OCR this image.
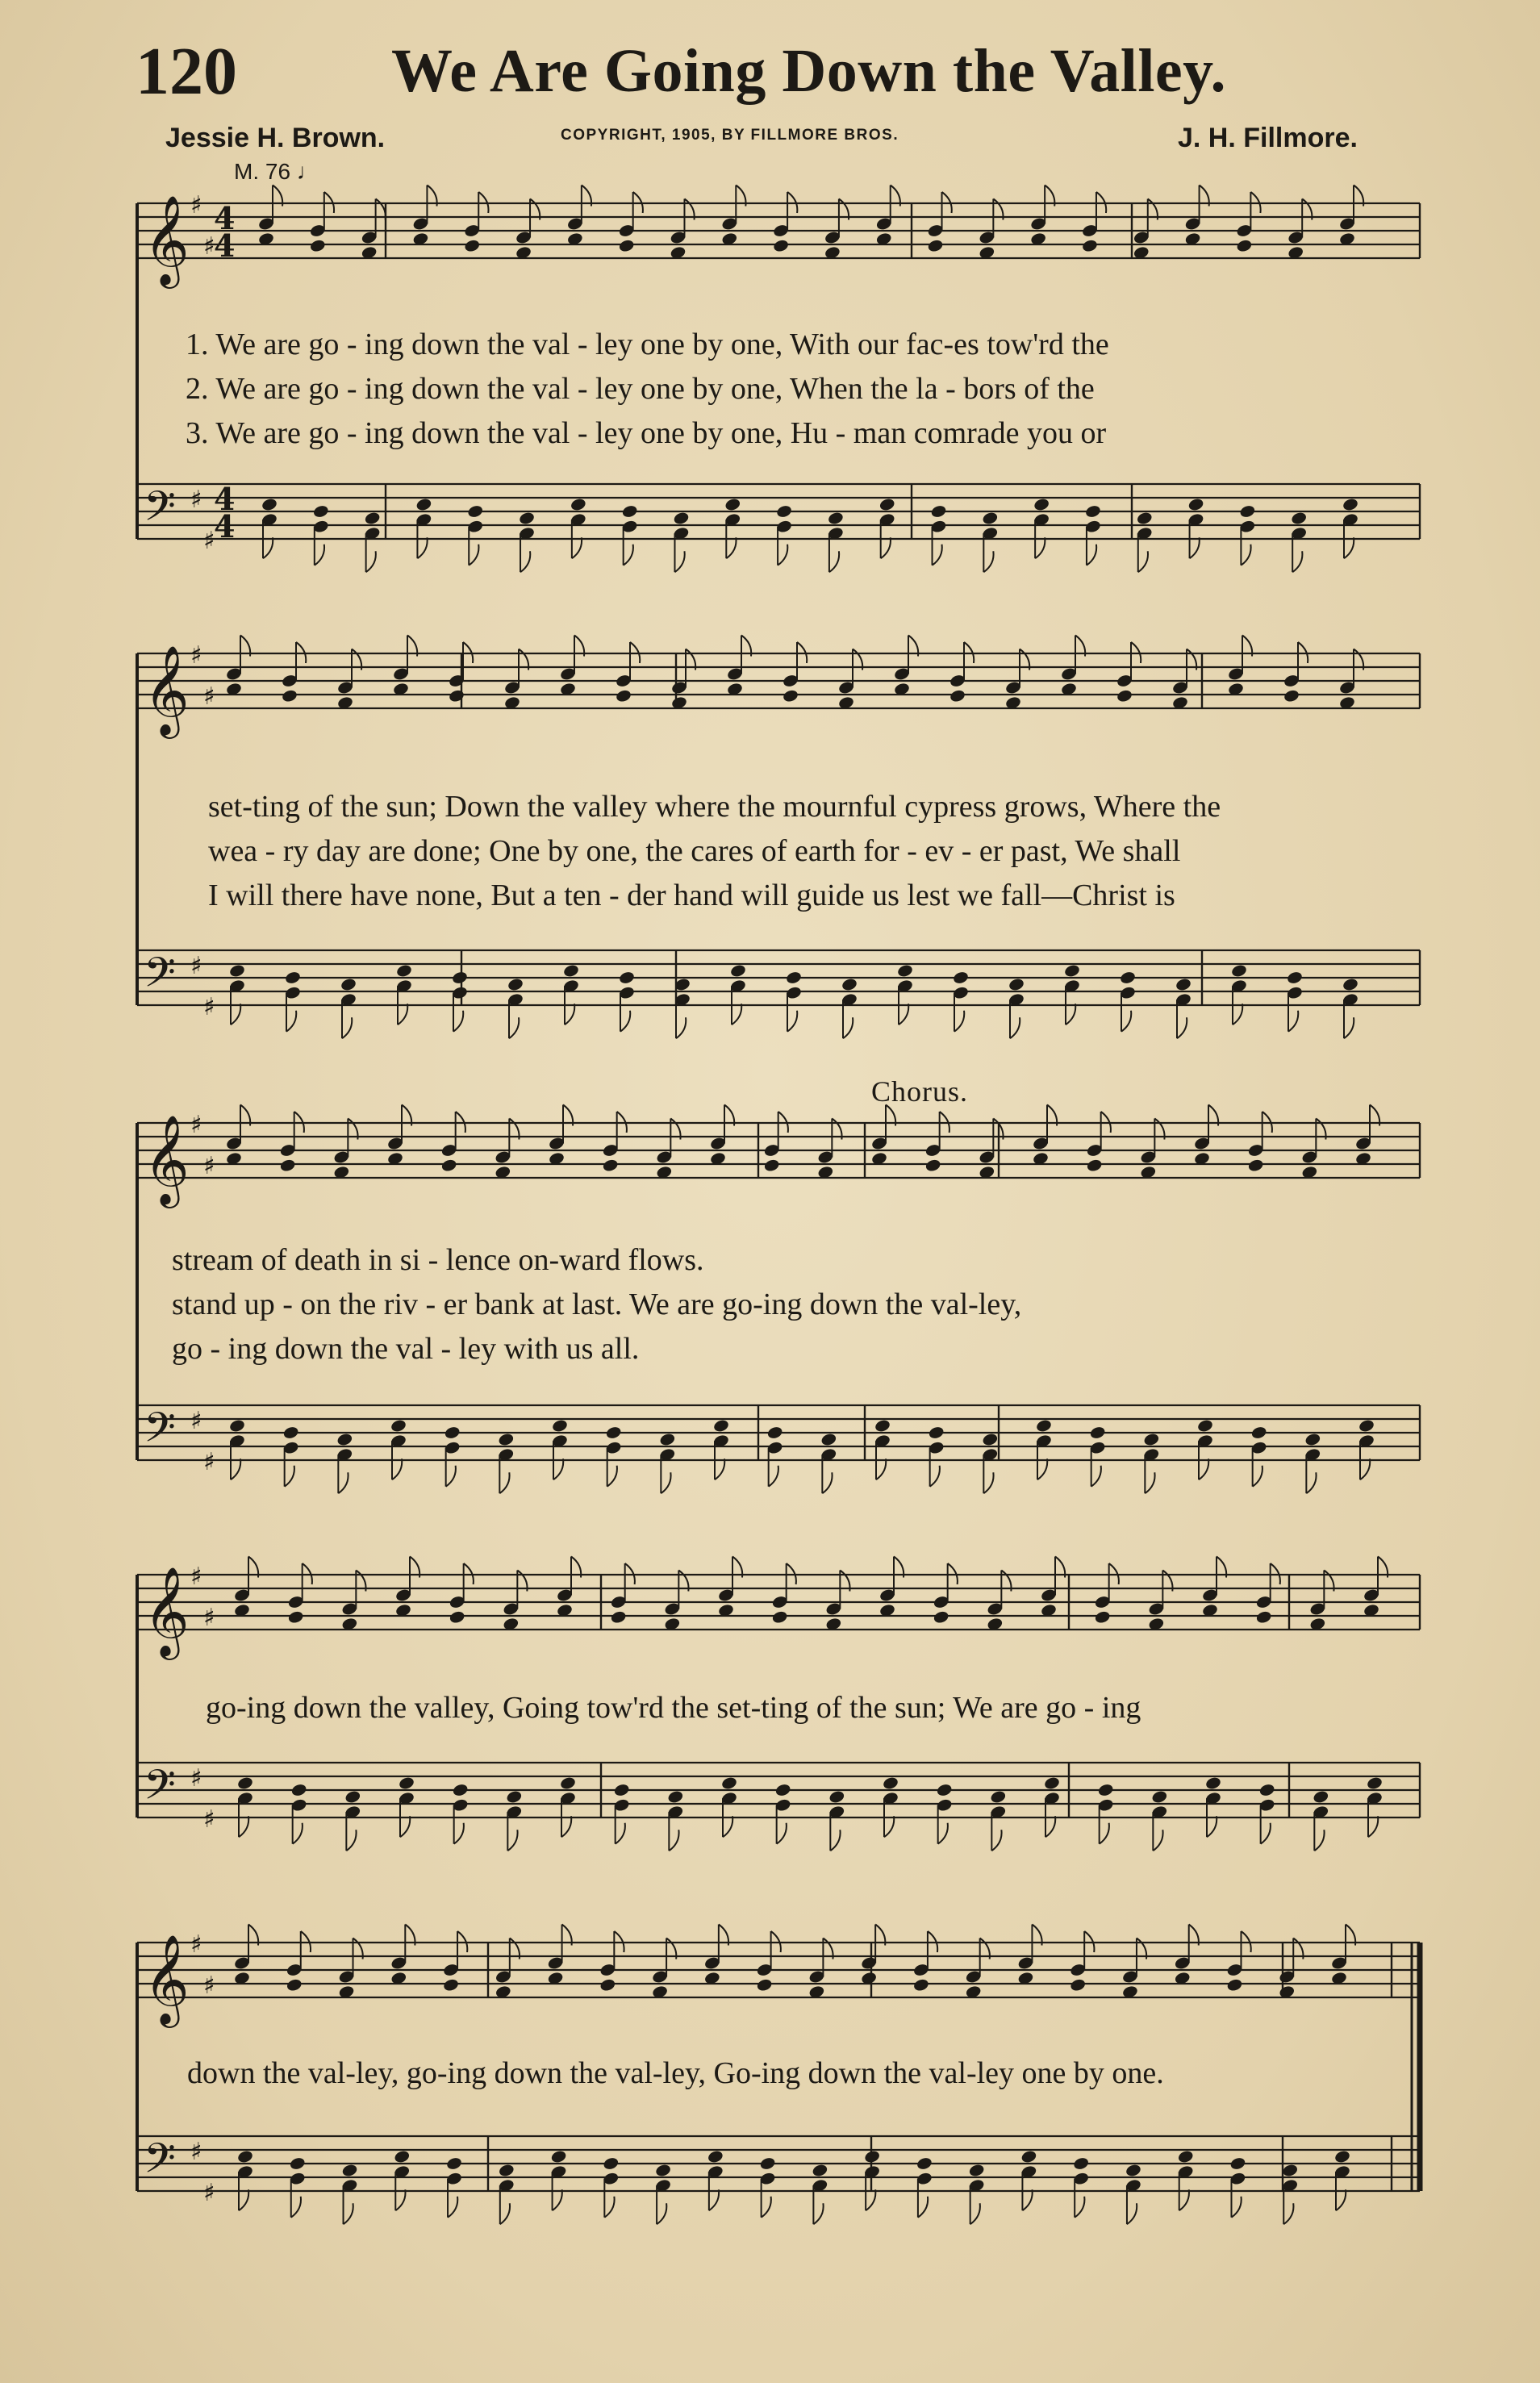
120	We Are Going Down the Valley.
Jessie H. Brown.	COPYRIGHT, 1905, BY FILLMORE BROS.	J. H. Fillmore.
M. 76 ♩
𝄞 ♯
♯
𝄢 ♯
♯
4
4
4
4
𝄞 ♯
♯
𝄢 ♯
♯
𝄞 ♯
♯
𝄢 ♯
♯
𝄞 ♯
♯
𝄢 ♯
♯
𝄞 ♯
♯
𝄢 ♯
♯
1. We are go - ing down the val - ley one by one, With our fac-es tow'rd the
2. We are go - ing down the val - ley one by one, When the la - bors of the
3. We are go - ing down the val - ley one by one, Hu - man comrade you or
set-ting of the sun; Down the valley where the mournful cypress grows, Where the
wea - ry day are done; One by one, the cares of earth for - ev - er past, We shall
I will there have none, But a ten - der hand will guide us lest we fall—Christ is
Chorus.
stream of death in si - lence on-ward flows.
stand up - on the riv - er bank at last. We are go-ing down the val-ley,
go - ing down the val - ley with us all.
go-ing down the valley, Going tow'rd the set-ting of the sun; We are go - ing
down the val-ley, go-ing down the val-ley, Go-ing down the val-ley one by one.
